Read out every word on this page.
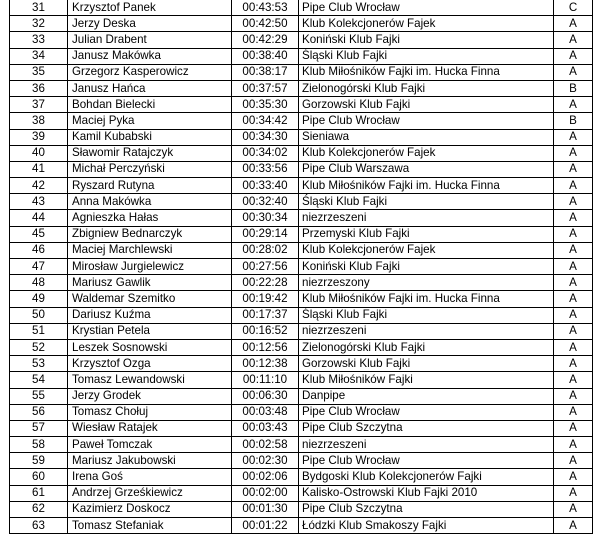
31	Krzysztof Panek	00:43:53	Pipe Club Wrocław	C
32	Jerzy Deska	00:42:50	Klub Kolekcjonerów Fajek	A
33	Julian Drabent	00:42:29	Koniński Klub Fajki	A
34	Janusz Makówka	00:38:40	Śląski Klub Fajki	A
35	Grzegorz Kasperowicz	00:38:17	Klub Miłośników Fajki im. Hucka Finna	A
36	Janusz Hańca	00:37:57	Zielonogórski Klub Fajki	B
37	Bohdan Bielecki	00:35:30	Gorzowski Klub Fajki	A
38	Maciej Pyka	00:34:42	Pipe Club Wrocław	B
39	Kamil Kubabski	00:34:30	Sieniawa	A
40	Sławomir Ratajczyk	00:34:02	Klub Kolekcjonerów Fajek	A
41	Michał Perczyński	00:33:56	Pipe Club Warszawa	A
42	Ryszard Rutyna	00:33:40	Klub Miłośników Fajki im. Hucka Finna	A
43	Anna Makówka	00:32:40	Śląski Klub Fajki	A
44	Agnieszka Hałas	00:30:34	niezrzeszeni	A
45	Zbigniew Bednarczyk	00:29:14	Przemyski Klub Fajki	A
46	Maciej Marchlewski	00:28:02	Klub Kolekcjonerów Fajek	A
47	Mirosław Jurgielewicz	00:27:56	Koniński Klub Fajki	A
48	Mariusz Gawlik	00:22:28	niezrzeszony	A
49	Waldemar Szemitko	00:19:42	Klub Miłośników Fajki im. Hucka Finna	A
50	Dariusz Kuźma	00:17:37	Śląski Klub Fajki	A
51	Krystian Petela	00:16:52	niezrzeszeni	A
52	Leszek Sosnowski	00:12:56	Zielonogórski Klub Fajki	A
53	Krzysztof Ozga	00:12:38	Gorzowski Klub Fajki	A
54	Tomasz Lewandowski	00:11:10	Klub Miłośników Fajki	A
55	Jerzy Grodek	00:06:30	Danpipe	A
56	Tomasz Chołuj	00:03:48	Pipe Club Wrocław	A
57	Wiesław Ratajek	00:03:43	Pipe Club Szczytna	A
58	Paweł Tomczak	00:02:58	niezrzeszeni	A
59	Mariusz Jakubowski	00:02:30	Pipe Club Wrocław	A
60	Irena Goś	00:02:06	Bydgoski Klub Kolekcjonerów Fajki	A
61	Andrzej Grześkiewicz	00:02:00	Kalisko-Ostrowski Klub Fajki 2010	A
62	Kazimierz Doskocz	00:01:30	Pipe Club Szczytna	A
63	Tomasz Stefaniak	00:01:22	Łódzki Klub Smakoszy Fajki	A
